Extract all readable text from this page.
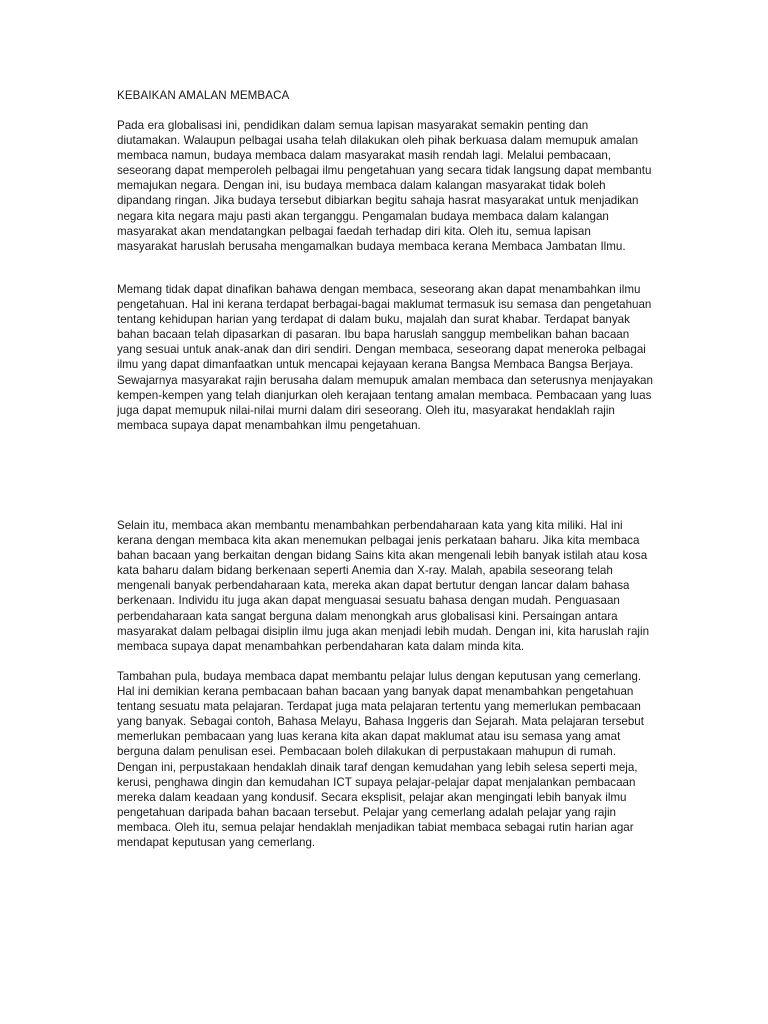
KEBAIKAN AMALAN MEMBACA

Pada era globalisasi ini, pendidikan dalam semua lapisan masyarakat semakin penting dan diutamakan. Walaupun pelbagai usaha telah dilakukan oleh pihak berkuasa dalam memupuk amalan membaca namun, budaya membaca dalam masyarakat masih rendah lagi. Melalui pembacaan, seseorang dapat memperoleh pelbagai ilmu pengetahuan yang secara tidak langsung dapat membantu memajukan negara. Dengan ini, isu budaya membaca dalam kalangan masyarakat tidak boleh dipandang ringan. Jika budaya tersebut dibiarkan begitu sahaja hasrat masyarakat untuk menjadikan negara kita negara maju pasti akan terganggu. Pengamalan budaya membaca dalam kalangan masyarakat akan mendatangkan pelbagai faedah terhadap diri kita. Oleh itu, semua lapisan masyarakat haruslah berusaha mengamalkan budaya membaca kerana Membaca Jambatan Ilmu.

Memang tidak dapat dinafikan bahawa dengan membaca, seseorang akan dapat menambahkan ilmu pengetahuan. Hal ini kerana terdapat berbagai-bagai maklumat termasuk isu semasa dan pengetahuan tentang kehidupan harian yang terdapat di dalam buku, majalah dan surat khabar. Terdapat banyak bahan bacaan telah dipasarkan di pasaran. Ibu bapa haruslah sanggup membelikan bahan bacaan yang sesuai untuk anak-anak dan diri sendiri. Dengan membaca, seseorang dapat meneroka pelbagai ilmu yang dapat dimanfaatkan untuk mencapai kejayaan kerana Bangsa Membaca Bangsa Berjaya. Sewajarnya masyarakat rajin berusaha dalam memupuk amalan membaca dan seterusnya menjayakan kempen-kempen yang telah dianjurkan oleh kerajaan tentang amalan membaca. Pembacaan yang luas juga dapat memupuk nilai-nilai murni dalam diri seseorang. Oleh itu, masyarakat hendaklah rajin membaca supaya dapat menambahkan ilmu pengetahuan.

Selain itu, membaca akan membantu menambahkan perbendaharaan kata yang kita miliki. Hal ini kerana dengan membaca kita akan menemukan pelbagai jenis perkataan baharu. Jika kita membaca bahan bacaan yang berkaitan dengan bidang Sains kita akan mengenali lebih banyak istilah atau kosa kata baharu dalam bidang berkenaan seperti Anemia dan X-ray. Malah, apabila seseorang telah mengenali banyak perbendaharaan kata, mereka akan dapat bertutur dengan lancar dalam bahasa berkenaan. Individu itu juga akan dapat menguasai sesuatu bahasa dengan mudah. Penguasaan perbendaharaan kata sangat berguna dalam menongkah arus globalisasi kini. Persaingan antara masyarakat dalam pelbagai disiplin ilmu juga akan menjadi lebih mudah. Dengan ini, kita haruslah rajin membaca supaya dapat menambahkan perbendaharan kata dalam minda kita.

Tambahan pula, budaya membaca dapat membantu pelajar lulus dengan keputusan yang cemerlang. Hal ini demikian kerana pembacaan bahan bacaan yang banyak dapat menambahkan pengetahuan tentang sesuatu mata pelajaran. Terdapat juga mata pelajaran tertentu yang memerlukan pembacaan yang banyak. Sebagai contoh, Bahasa Melayu, Bahasa Inggeris dan Sejarah. Mata pelajaran tersebut memerlukan pembacaan yang luas kerana kita akan dapat maklumat atau isu semasa yang amat berguna dalam penulisan esei. Pembacaan boleh dilakukan di perpustakaan mahupun di rumah. Dengan ini, perpustakaan hendaklah dinaik taraf dengan kemudahan yang lebih selesa seperti meja, kerusi, penghawa dingin dan kemudahan ICT supaya pelajar-pelajar dapat menjalankan pembacaan mereka dalam keadaan yang kondusif. Secara eksplisit, pelajar akan mengingati lebih banyak ilmu pengetahuan daripada bahan bacaan tersebut. Pelajar yang cemerlang adalah pelajar yang rajin membaca. Oleh itu, semua pelajar hendaklah menjadikan tabiat membaca sebagai rutin harian agar mendapat keputusan yang cemerlang.
